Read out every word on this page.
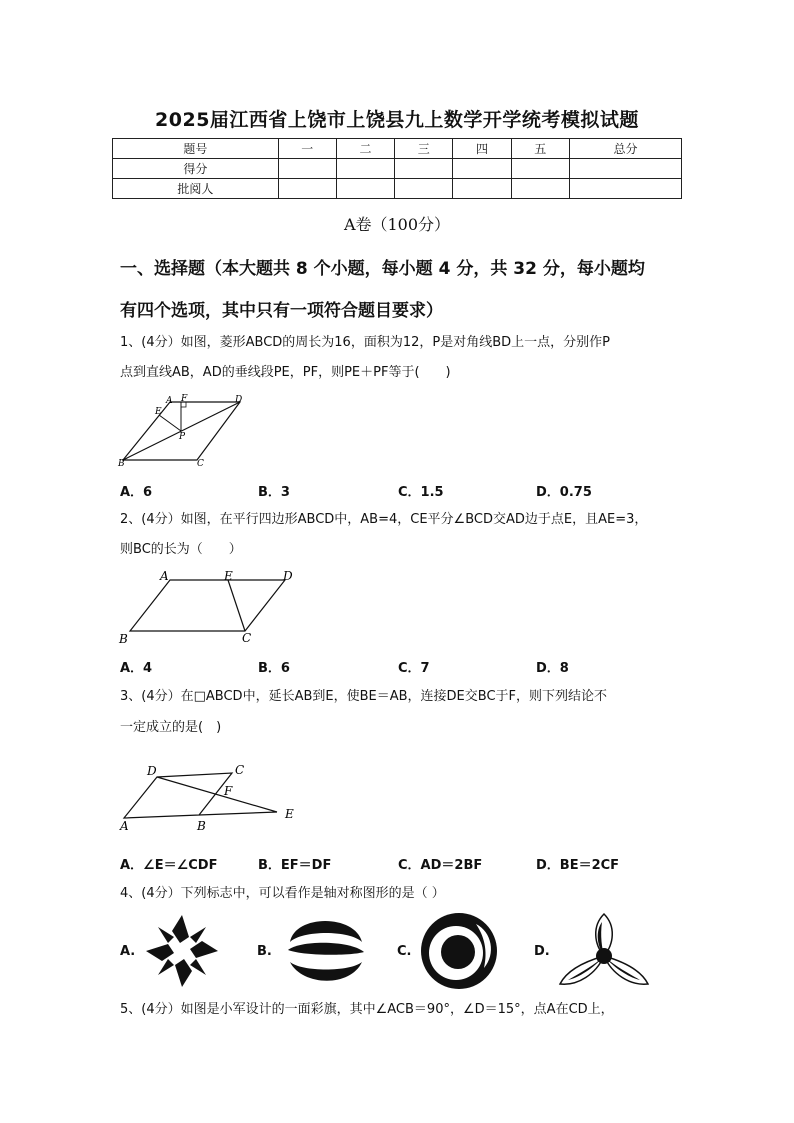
2025届江西省上饶市上饶县九上数学开学统考模拟试题
题号	一	二	三	四	五	总分
得分						
批阅人						
A卷（100分）
一、选择题（本大题共 8 个小题，每小题 4 分，共 32 分，每小题均
有四个选项，其中只有一项符合题目要求）
1、(4分）如图，菱形ABCD的周长为16，面积为12，P是对角线BD上一点，分别作P
点到直线AB，AD的垂线段PE，PF，则PE＋PF等于(　　)
A F	D
E
P
B	C
A．6	B．3	C．1.5	D．0.75
2、(4分）如图，在平行四边形ABCD中，AB=4，CE平分∠BCD交AD边于点E，且AE=3，
则BC的长为（　　）
A	E	D
B	C
A．4	B．6	C．7	D．8
3、(4分）在□ABCD中，延长AB到E，使BE＝AB，连接DE交BC于F，则下列结论不
一定成立的是(　)
D	C
F
A	B
E
A．∠E＝∠CDF	B．EF＝DF	C．AD＝2BF	D．BE＝2CF
4、(4分）下列标志中，可以看作是轴对称图形的是（ ）
A.	B.	C.	D.
5、(4分）如图是小军设计的一面彩旗，其中∠ACB＝90°，∠D＝15°，点A在CD上，
